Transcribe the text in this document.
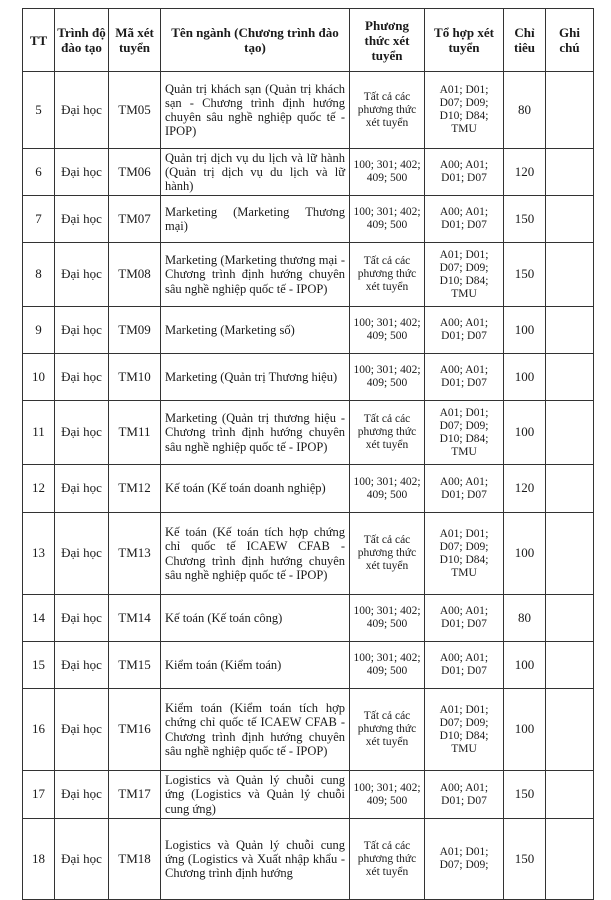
TT	Trình độ đào tạo	Mã xét tuyển	Tên ngành (Chương trình đào tạo)	Phương thức xét tuyển	Tổ hợp xét tuyển	Chỉ tiêu	Ghi chú
5	Đại học	TM05	Quản trị khách sạn (Quản trị khách sạn - Chương trình định hướng chuyên sâu nghề nghiệp quốc tế - IPOP)	Tất cả các phương thức xét tuyển	A01; D01; D07; D09; D10; D84; TMU	80	
6	Đại học	TM06	Quản trị dịch vụ du lịch và lữ hành (Quản trị dịch vụ du lịch và lữ hành)	100; 301; 402; 409; 500	A00; A01; D01; D07	120	
7	Đại học	TM07	Marketing (Marketing Thương mại)	100; 301; 402; 409; 500	A00; A01; D01; D07	150	
8	Đại học	TM08	Marketing (Marketing thương mại - Chương trình định hướng chuyên sâu nghề nghiệp quốc tế - IPOP)	Tất cả các phương thức xét tuyển	A01; D01; D07; D09; D10; D84; TMU	150	
9	Đại học	TM09	Marketing (Marketing số)	100; 301; 402; 409; 500	A00; A01; D01; D07	100	
10	Đại học	TM10	Marketing (Quản trị Thương hiệu)	100; 301; 402; 409; 500	A00; A01; D01; D07	100	
11	Đại học	TM11	Marketing (Quản trị thương hiệu - Chương trình định hướng chuyên sâu nghề nghiệp quốc tế - IPOP)	Tất cả các phương thức xét tuyển	A01; D01; D07; D09; D10; D84; TMU	100	
12	Đại học	TM12	Kế toán (Kế toán doanh nghiệp)	100; 301; 402; 409; 500	A00; A01; D01; D07	120	
13	Đại học	TM13	Kế toán (Kế toán tích hợp chứng chỉ quốc tế ICAEW CFAB - Chương trình định hướng chuyên sâu nghề nghiệp quốc tế - IPOP)	Tất cả các phương thức xét tuyển	A01; D01; D07; D09; D10; D84; TMU	100	
14	Đại học	TM14	Kế toán (Kế toán công)	100; 301; 402; 409; 500	A00; A01; D01; D07	80	
15	Đại học	TM15	Kiểm toán (Kiểm toán)	100; 301; 402; 409; 500	A00; A01; D01; D07	100	
16	Đại học	TM16	Kiểm toán (Kiểm toán tích hợp chứng chỉ quốc tế ICAEW CFAB - Chương trình định hướng chuyên sâu nghề nghiệp quốc tế - IPOP)	Tất cả các phương thức xét tuyển	A01; D01; D07; D09; D10; D84; TMU	100	
17	Đại học	TM17	Logistics và Quản lý chuỗi cung ứng (Logistics và Quản lý chuỗi cung ứng)	100; 301; 402; 409; 500	A00; A01; D01; D07	150	
18	Đại học	TM18	Logistics và Quản lý chuỗi cung ứng (Logistics và Xuất nhập khẩu - Chương trình định hướng	Tất cả các phương thức xét tuyển	A01; D01; D07; D09;	150	
